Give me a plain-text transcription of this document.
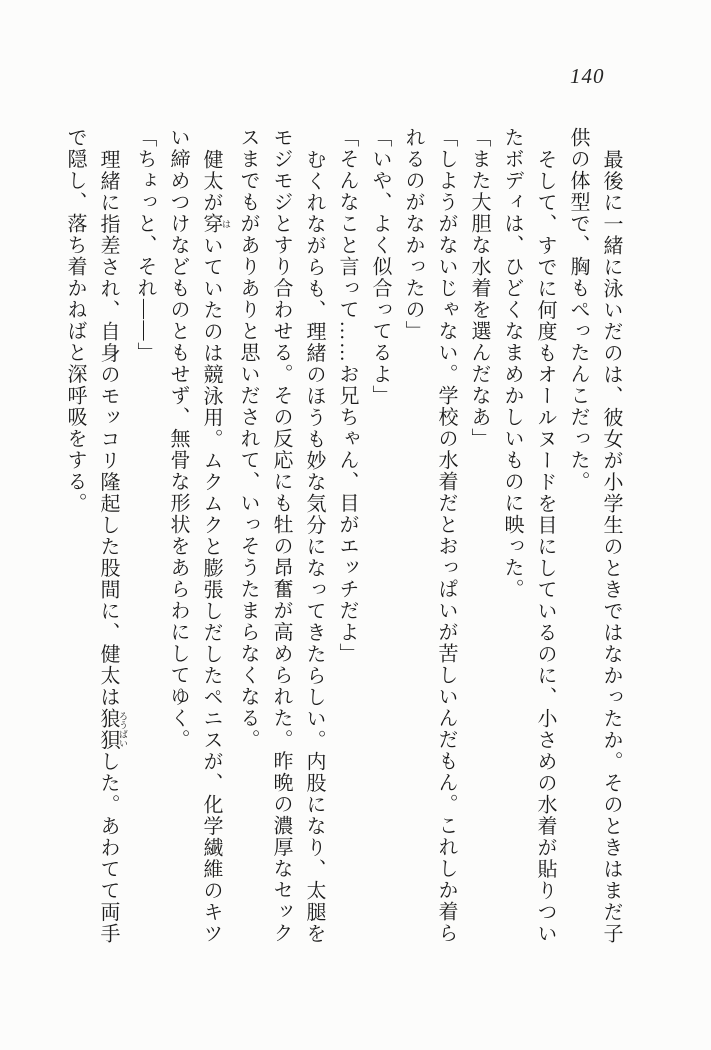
140

最後に一緒に泳いだのは、彼女が小学生のときではなかったか。そのときはまだ子供の体型で、胸もぺったんこだった。

そして、すでに何度もオールヌードを目にしているのに、小さめの水着が貼りついたボディは、ひどくなまめかしいものに映った。

「また大胆な水着を選んだなあ」

「しようがないじゃない。学校の水着だとおっぱいが苦しいんだもん。これしか着られるのがなかったの」

「いや、よく似合ってるよ」

「そんなこと言って……お兄ちゃん、目がエッチだよ」

むくれながらも、理緒のほうも妙な気分になってきたらしい。内股になり、太腿をモジモジとすり合わせる。その反応にも牡の昂奮が高められた。昨晩の濃厚なセックスまでもがありありと思いだされて、いっそうたまらなくなる。

健太が穿 はいていたのは競泳用。ムクムクと膨張しだしたペニスが、化学繊維のキツい締めつけなどものともせず、無骨な形状をあらわにしてゆく。

「ちょっと、それ――」

理緒に指差され、自身のモッコリ隆起した股間に、健太は狼狽 ろうばいした。あわてて両手で隠し、落ち着かねばと深呼吸をする。
